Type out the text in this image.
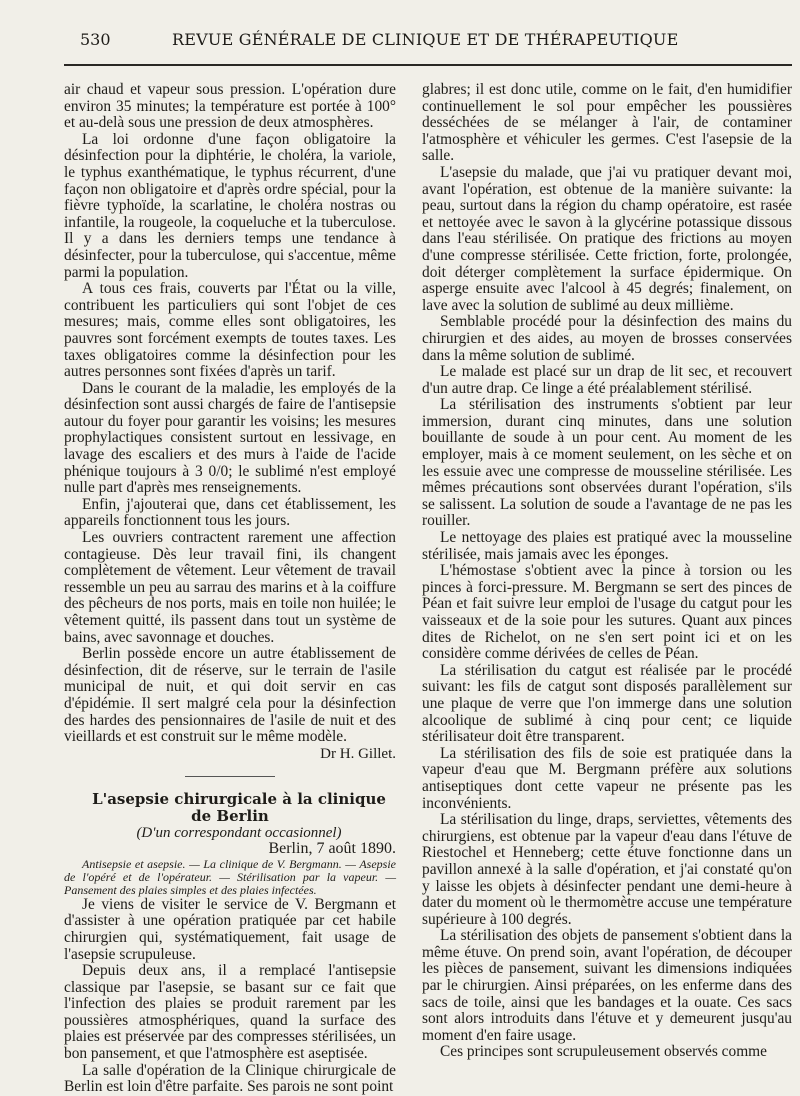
530	REVUE GÉNÉRALE DE CLINIQUE ET DE THÉRAPEUTIQUE

air chaud et vapeur sous pression. L'opération dure environ 35 minutes; la température est portée à 100° et au-delà sous une pression de deux atmosphères.

La loi ordonne d'une façon obligatoire la désinfection pour la diphtérie, le choléra, la variole, le typhus exanthématique, le typhus récurrent, d'une façon non obligatoire et d'après ordre spécial, pour la fièvre typhoïde, la scarlatine, le choléra nostras ou infantile, la rougeole, la coqueluche et la tuberculose. Il y a dans les derniers temps une tendance à désinfecter, pour la tuberculose, qui s'accentue, même parmi la population.

A tous ces frais, couverts par l'État ou la ville, contribuent les particuliers qui sont l'objet de ces mesures; mais, comme elles sont obligatoires, les pauvres sont forcément exempts de toutes taxes. Les taxes obligatoires comme la désinfection pour les autres personnes sont fixées d'après un tarif.

Dans le courant de la maladie, les employés de la désinfection sont aussi chargés de faire de l'antisepsie autour du foyer pour garantir les voisins; les mesures prophylactiques consistent surtout en lessivage, en lavage des escaliers et des murs à l'aide de l'acide phénique toujours à 3 0/0; le sublimé n'est employé nulle part d'après mes renseignements.

Enfin, j'ajouterai que, dans cet établissement, les appareils fonctionnent tous les jours.

Les ouvriers contractent rarement une affection contagieuse. Dès leur travail fini, ils changent complètement de vêtement. Leur vêtement de travail ressemble un peu au sarrau des marins et à la coiffure des pêcheurs de nos ports, mais en toile non huilée; le vêtement quitté, ils passent dans tout un système de bains, avec savonnage et douches.

Berlin possède encore un autre établissement de désinfection, dit de réserve, sur le terrain de l'asile municipal de nuit, et qui doit servir en cas d'épidémie. Il sert malgré cela pour la désinfection des hardes des pensionnaires de l'asile de nuit et des vieillards et est construit sur le même modèle.

Dr H. Gillet.

L'asepsie chirurgicale à la clinique de Berlin

(D'un correspondant occasionnel)

Berlin, 7 août 1890.

Antisepsie et asepsie. — La clinique de V. Bergmann. — Asepsie de l'opéré et de l'opérateur. — Stérilisation par la vapeur. — Pansement des plaies simples et des plaies infectées.

Je viens de visiter le service de V. Bergmann et d'assister à une opération pratiquée par cet habile chirurgien qui, systématiquement, fait usage de l'asepsie scrupuleuse.

Depuis deux ans, il a remplacé l'antisepsie classique par l'asepsie, se basant sur ce fait que l'infection des plaies se produit rarement par les poussières atmosphériques, quand la surface des plaies est préservée par des compresses stérilisées, un bon pansement, et que l'atmosphère est aseptisée.

La salle d'opération de la Clinique chirurgicale de Berlin est loin d'être parfaite. Ses parois ne sont point

glabres; il est donc utile, comme on le fait, d'en humidifier continuellement le sol pour empêcher les poussières desséchées de se mélanger à l'air, de contaminer l'atmosphère et véhiculer les germes. C'est l'asepsie de la salle.

L'asepsie du malade, que j'ai vu pratiquer devant moi, avant l'opération, est obtenue de la manière suivante: la peau, surtout dans la région du champ opératoire, est rasée et nettoyée avec le savon à la glycérine potassique dissous dans l'eau stérilisée. On pratique des frictions au moyen d'une compresse stérilisée. Cette friction, forte, prolongée, doit déterger complètement la surface épidermique. On asperge ensuite avec l'alcool à 45 degrés; finalement, on lave avec la solution de sublimé au deux millième.

Semblable procédé pour la désinfection des mains du chirurgien et des aides, au moyen de brosses conservées dans la même solution de sublimé.

Le malade est placé sur un drap de lit sec, et recouvert d'un autre drap. Ce linge a été préalablement stérilisé.

La stérilisation des instruments s'obtient par leur immersion, durant cinq minutes, dans une solution bouillante de soude à un pour cent. Au moment de les employer, mais à ce moment seulement, on les sèche et on les essuie avec une compresse de mousseline stérilisée. Les mêmes précautions sont observées durant l'opération, s'ils se salissent. La solution de soude a l'avantage de ne pas les rouiller.

Le nettoyage des plaies est pratiqué avec la mousseline stérilisée, mais jamais avec les éponges.

L'hémostase s'obtient avec la pince à torsion ou les pinces à forci-pressure. M. Bergmann se sert des pinces de Péan et fait suivre leur emploi de l'usage du catgut pour les vaisseaux et de la soie pour les sutures. Quant aux pinces dites de Richelot, on ne s'en sert point ici et on les considère comme dérivées de celles de Péan.

La stérilisation du catgut est réalisée par le procédé suivant: les fils de catgut sont disposés parallèlement sur une plaque de verre que l'on immerge dans une solution alcoolique de sublimé à cinq pour cent; ce liquide stérilisateur doit être transparent.

La stérilisation des fils de soie est pratiquée dans la vapeur d'eau que M. Bergmann préfère aux solutions antiseptiques dont cette vapeur ne présente pas les inconvénients.

La stérilisation du linge, draps, serviettes, vêtements des chirurgiens, est obtenue par la vapeur d'eau dans l'étuve de Riestochel et Henneberg; cette étuve fonctionne dans un pavillon annexé à la salle d'opération, et j'ai constaté qu'on y laisse les objets à désinfecter pendant une demi-heure à dater du moment où le thermomètre accuse une température supérieure à 100 degrés.

La stérilisation des objets de pansement s'obtient dans la même étuve. On prend soin, avant l'opération, de découper les pièces de pansement, suivant les dimensions indiquées par le chirurgien. Ainsi préparées, on les enferme dans des sacs de toile, ainsi que les bandages et la ouate. Ces sacs sont alors introduits dans l'étuve et y demeurent jusqu'au moment d'en faire usage.

Ces principes sont scrupuleusement observés comme
